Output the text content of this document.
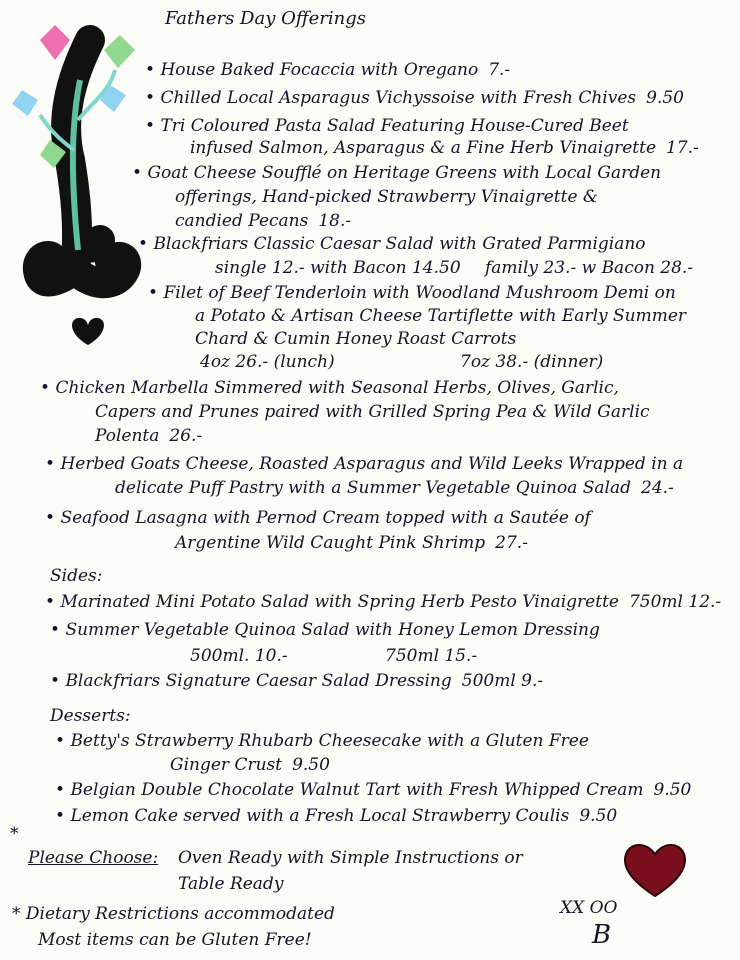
Fathers Day Offerings
• House Baked Focaccia with Oregano 7.-
• Chilled Local Asparagus Vichyssoise with Fresh Chives 9.50
• Tri Coloured Pasta Salad Featuring House-Cured Beet
infused Salmon, Asparagus & a Fine Herb Vinaigrette 17.-
• Goat Cheese Soufflé on Heritage Greens with Local Garden
offerings, Hand-picked Strawberry Vinaigrette &
candied Pecans 18.-
• Blackfriars Classic Caesar Salad with Grated Parmigiano
single 12.- with Bacon 14.50 family 23.- w Bacon 28.-
• Filet of Beef Tenderloin with Woodland Mushroom Demi on
a Potato & Artisan Cheese Tartiflette with Early Summer
Chard & Cumin Honey Roast Carrots
4oz 26.- (lunch)	7oz 38.- (dinner)
• Chicken Marbella Simmered with Seasonal Herbs, Olives, Garlic,
Capers and Prunes paired with Grilled Spring Pea & Wild Garlic
Polenta 26.-
• Herbed Goats Cheese, Roasted Asparagus and Wild Leeks Wrapped in a
delicate Puff Pastry with a Summer Vegetable Quinoa Salad 24.-
• Seafood Lasagna with Pernod Cream topped with a Sautée of
Argentine Wild Caught Pink Shrimp 27.-
Sides:
• Marinated Mini Potato Salad with Spring Herb Pesto Vinaigrette 750ml 12.-
• Summer Vegetable Quinoa Salad with Honey Lemon Dressing
500ml. 10.-	750ml 15.-
• Blackfriars Signature Caesar Salad Dressing 500ml 9.-
Desserts:
• Betty's Strawberry Rhubarb Cheesecake with a Gluten Free
Ginger Crust 9.50
• Belgian Double Chocolate Walnut Tart with Fresh Whipped Cream 9.50
• Lemon Cake served with a Fresh Local Strawberry Coulis 9.50
*
Please Choose: Oven Ready with Simple Instructions or
Table Ready
* Dietary Restrictions accommodated
Most items can be Gluten Free!
XX OO
B
